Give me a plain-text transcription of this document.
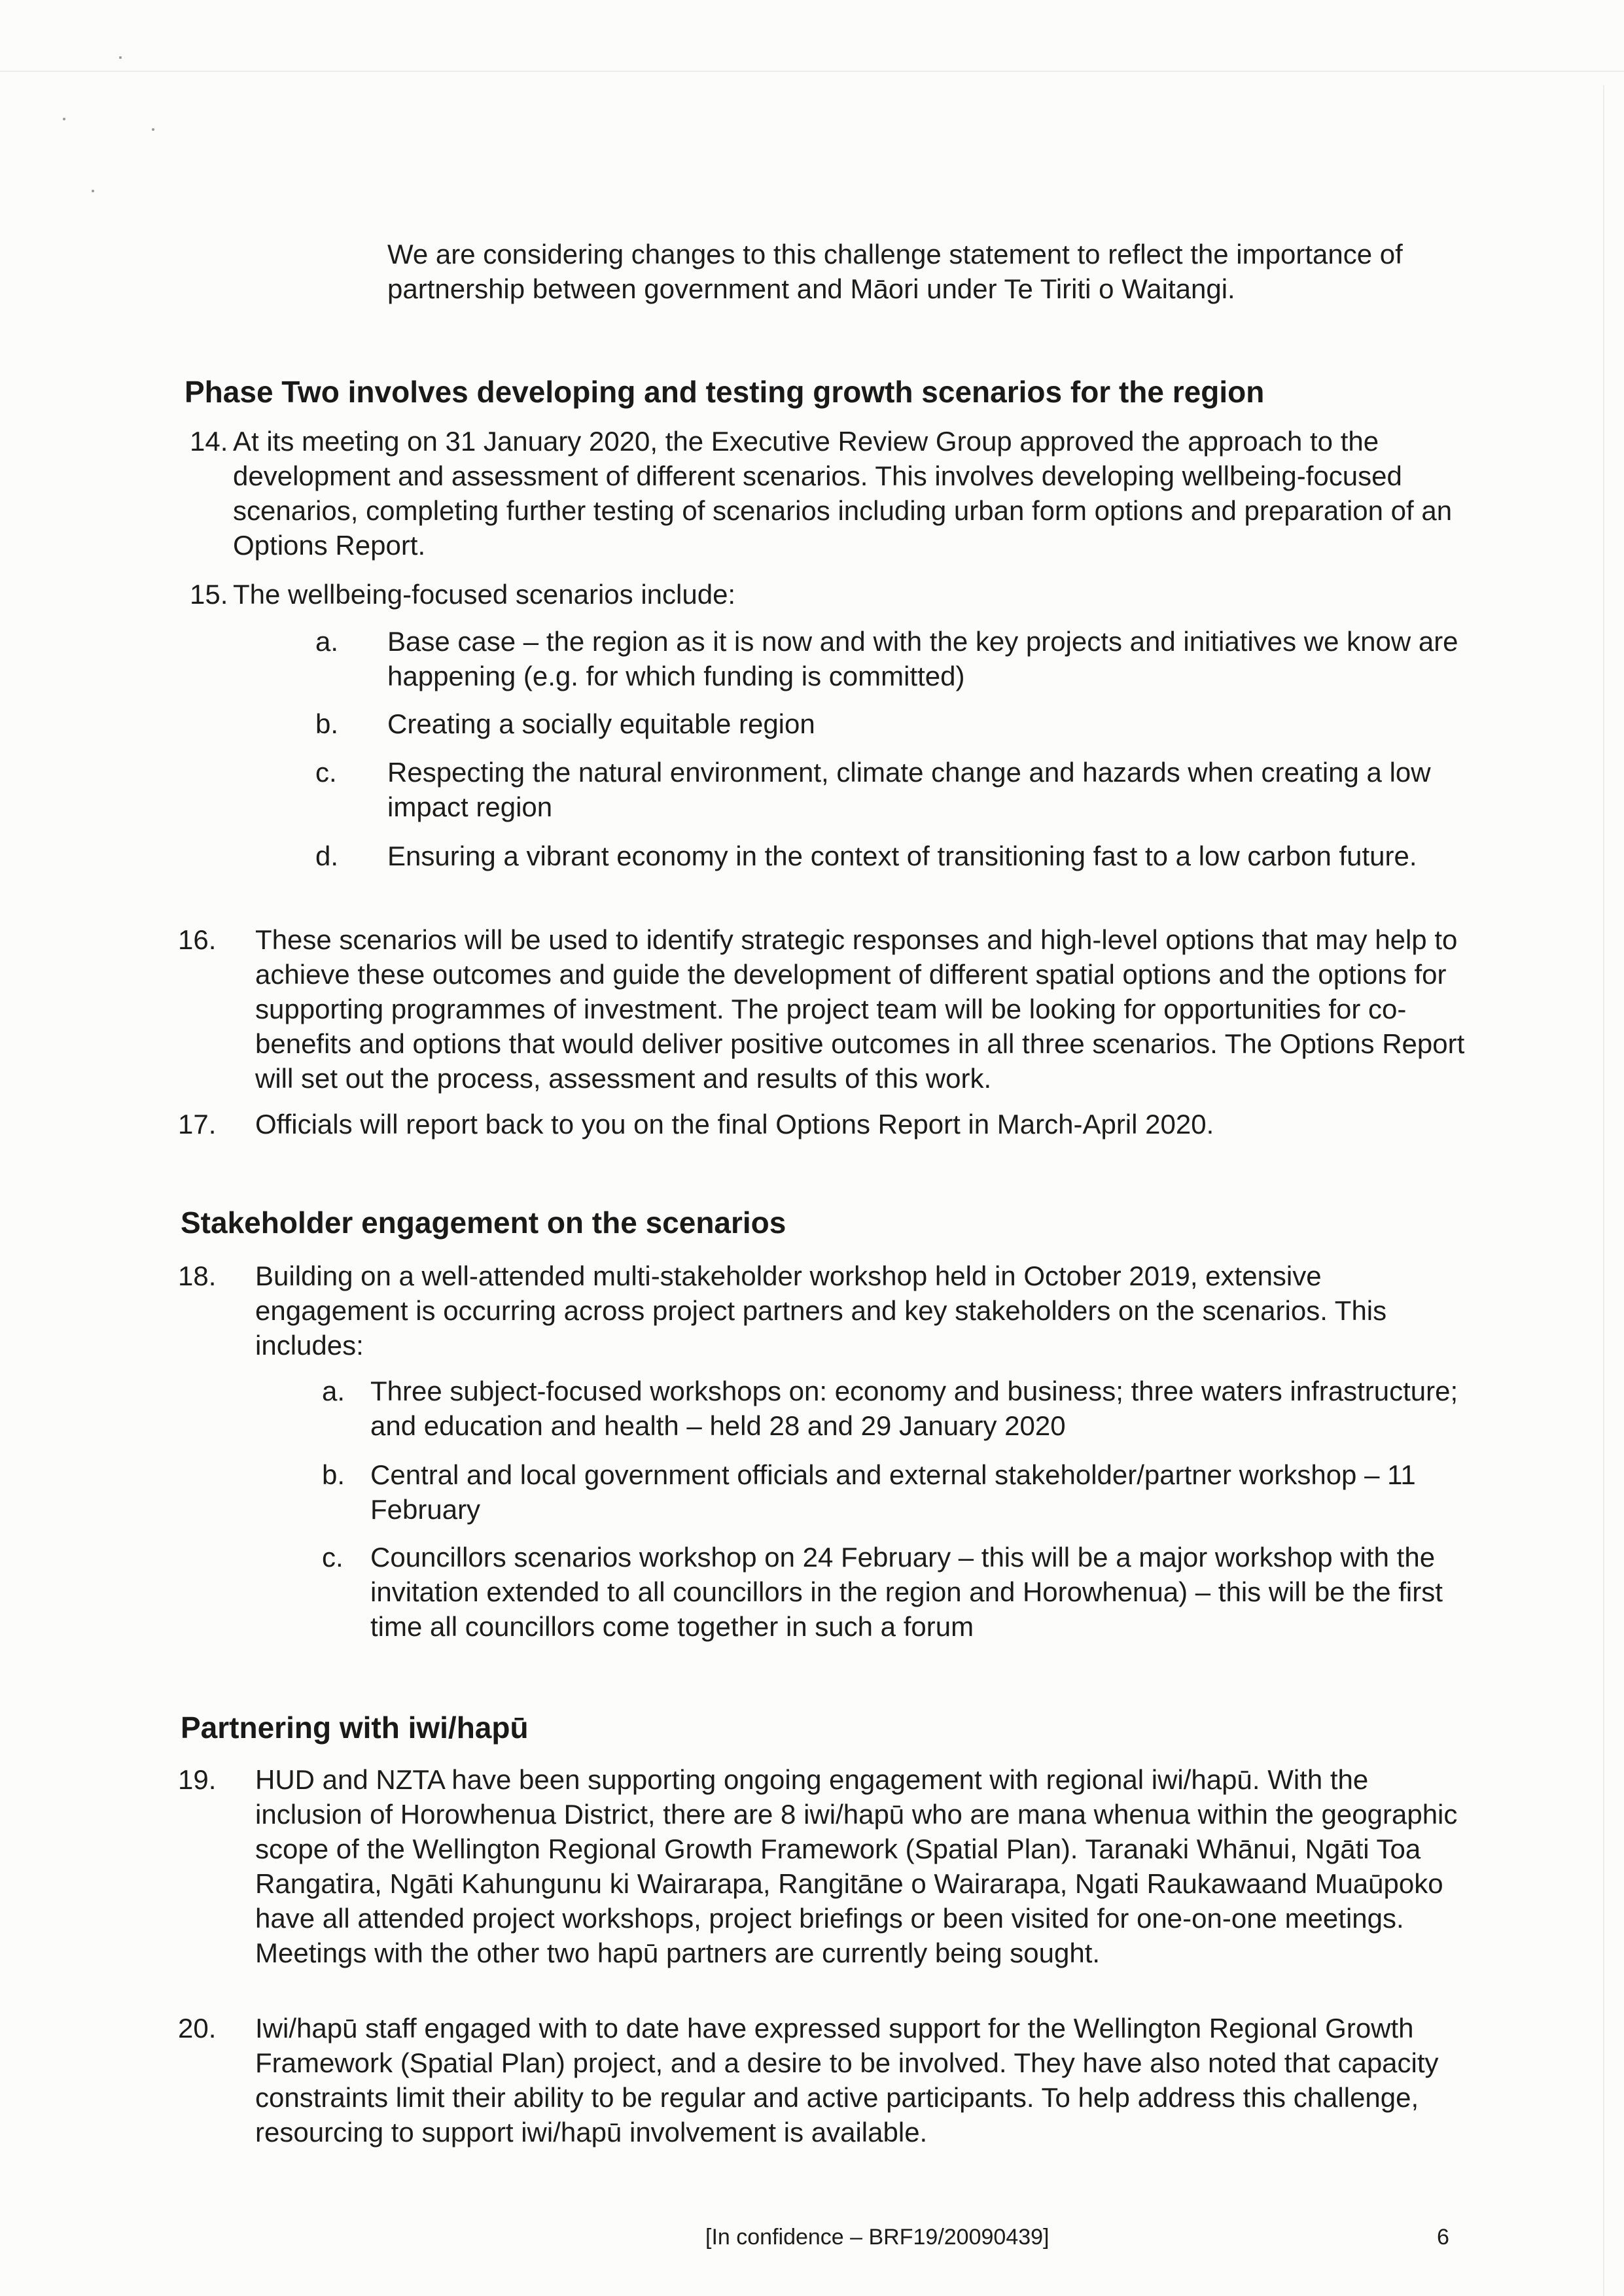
We are considering changes to this challenge statement to reflect the importance of partnership between government and Māori under Te Tiriti o Waitangi.

Phase Two involves developing and testing growth scenarios for the region
14. At its meeting on 31 January 2020, the Executive Review Group approved the approach to the development and assessment of different scenarios. This involves developing wellbeing-focused scenarios, completing further testing of scenarios including urban form options and preparation of an Options Report.

15. The wellbeing-focused scenarios include:

a. Base case – the region as it is now and with the key projects and initiatives we know are happening (e.g. for which funding is committed)

b. Creating a socially equitable region

c. Respecting the natural environment, climate change and hazards when creating a low impact region

d. Ensuring a vibrant economy in the context of transitioning fast to a low carbon future.

16. These scenarios will be used to identify strategic responses and high-level options that may help to achieve these outcomes and guide the development of different spatial options and the options for supporting programmes of investment. The project team will be looking for opportunities for co-benefits and options that would deliver positive outcomes in all three scenarios. The Options Report will set out the process, assessment and results of this work.

17. Officials will report back to you on the final Options Report in March-April 2020.

Stakeholder engagement on the scenarios
18. Building on a well-attended multi-stakeholder workshop held in October 2019, extensive engagement is occurring across project partners and key stakeholders on the scenarios. This includes:

a. Three subject-focused workshops on: economy and business; three waters infrastructure; and education and health – held 28 and 29 January 2020

b. Central and local government officials and external stakeholder/partner workshop – 11 February

c. Councillors scenarios workshop on 24 February – this will be a major workshop with the invitation extended to all councillors in the region and Horowhenua) – this will be the first time all councillors come together in such a forum

Partnering with iwi/hapū
19. HUD and NZTA have been supporting ongoing engagement with regional iwi/hapū. With the inclusion of Horowhenua District, there are 8 iwi/hapū who are mana whenua within the geographic scope of the Wellington Regional Growth Framework (Spatial Plan). Taranaki Whānui, Ngāti Toa Rangatira, Ngāti Kahungunu ki Wairarapa, Rangitāne o Wairarapa, Ngati Raukawaand Muaūpoko have all attended project workshops, project briefings or been visited for one-on-one meetings. Meetings with the other two hapū partners are currently being sought.

20. Iwi/hapū staff engaged with to date have expressed support for the Wellington Regional Growth Framework (Spatial Plan) project, and a desire to be involved. They have also noted that capacity constraints limit their ability to be regular and active participants. To help address this challenge, resourcing to support iwi/hapū involvement is available.

[In confidence – BRF19/20090439]	6
